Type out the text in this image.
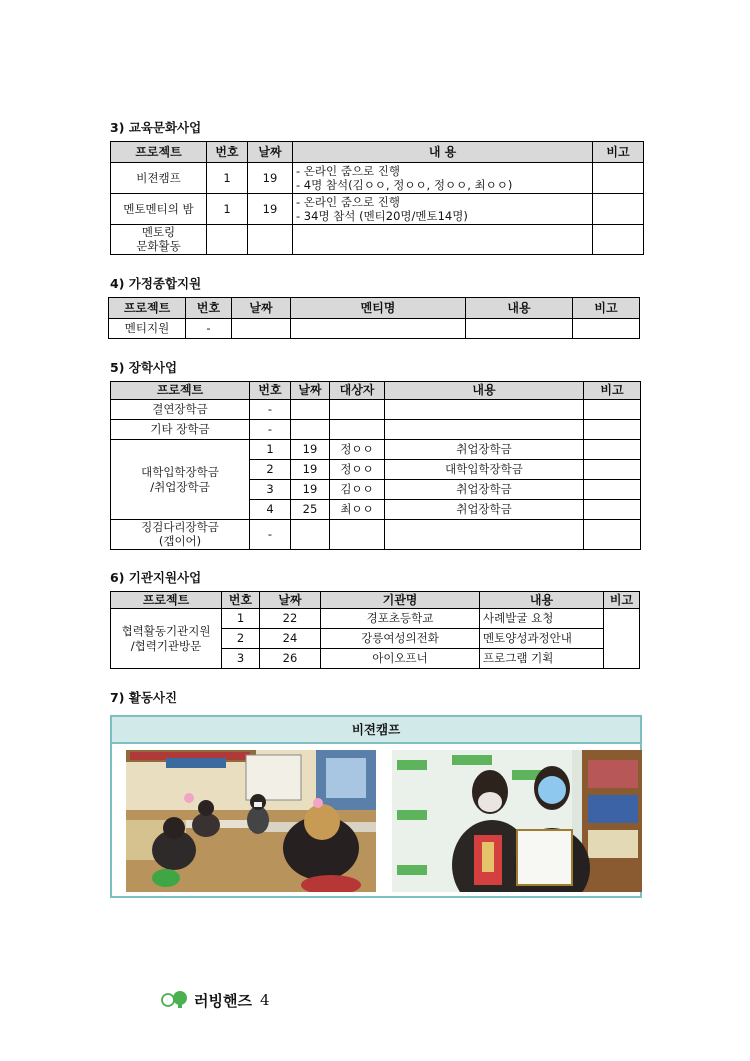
3) 교육문화사업
프로젝트	번호	날짜	내 용	비고
비젼캠프	1	19	- 온라인 줌으로 진행
- 4명 참석(김ㅇㅇ, 정ㅇㅇ, 정ㅇㅇ, 최ㅇㅇ)	

멘토멘티의 밤	1	19	- 온라인 줌으로 진행
- 34명 참석 (멘티20명/멘토14명)	

멘토링
문화활동				

4) 가정종합지원
프로젝트	번호	날짜	멘티명	내용	비고
멘티지원	-				
5) 장학사업
프로젝트	번호	날짜	대상자	내용	비고
결연장학금	-				
기타 장학금	-				

대학입학장학금
/취업장학금	1	19	정ㅇㅇ	취업장학금	
	2	19	정ㅇㅇ	대학입학장학금	
	3	19	김ㅇㅇ	취업장학금	
	4	25	최ㅇㅇ	취업장학금	

징검다리장학금
(갭이어)	-				
6) 기관지원사업
프로젝트	번호	날짜	기관명	내용	비고

협력활동기관지원
/협력기관방문	1	22	경포초등학교	사례발굴 요청	
	2	24	강릉여성의전화	멘토양성과정안내	
	3	26	아이오프너	프로그램 기획	
7) 활동사진
비젼캠프
러빙핸즈 4
